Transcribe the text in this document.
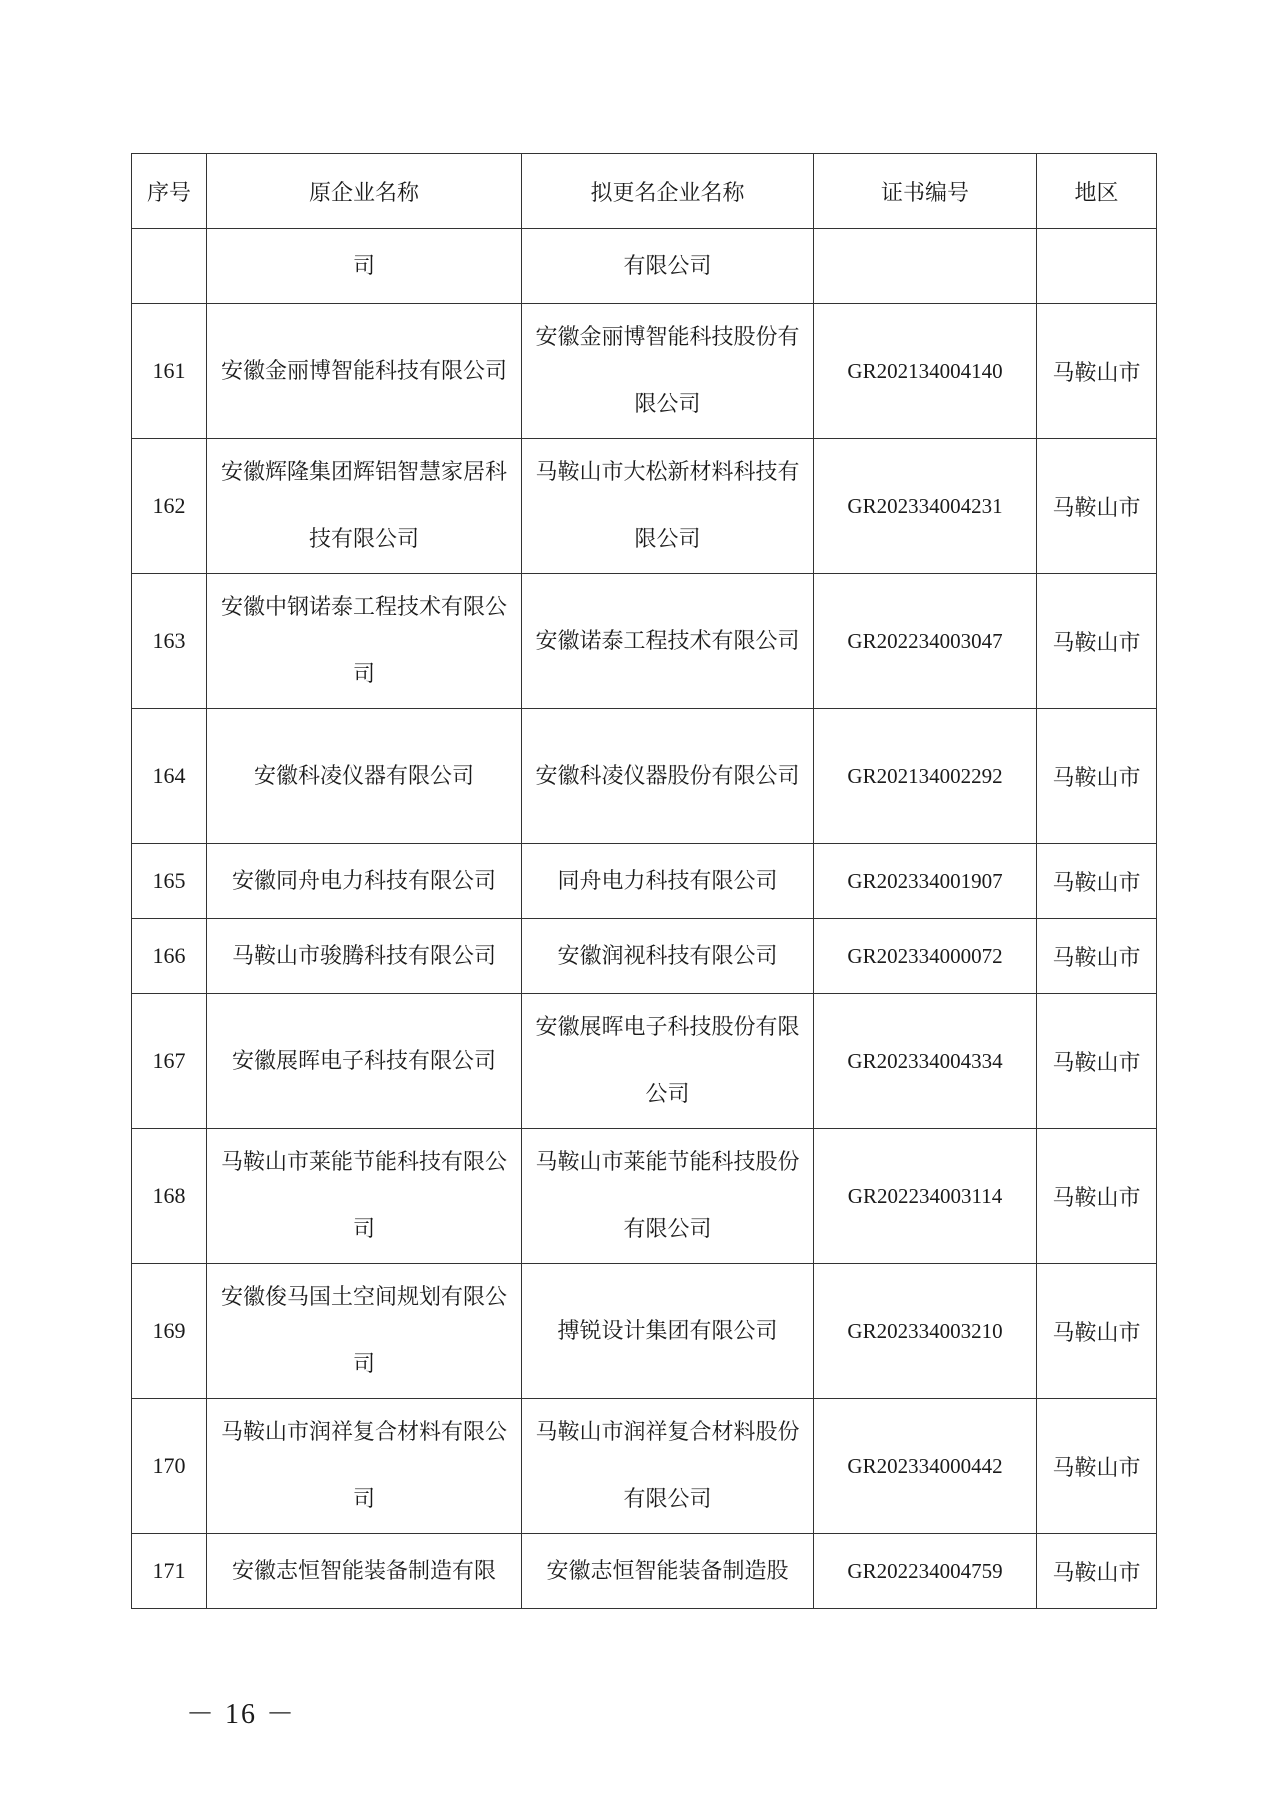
序号	原企业名称	拟更名企业名称	证书编号	地区
	司	有限公司		
161	安徽金丽博智能科技有限公司	安徽金丽博智能科技股份有限公司	GR202134004140	马鞍山市
162	安徽辉隆集团辉铝智慧家居科技有限公司	马鞍山市大松新材料科技有限公司	GR202334004231	马鞍山市
163	安徽中钢诺泰工程技术有限公司	安徽诺泰工程技术有限公司	GR202234003047	马鞍山市
164	安徽科凌仪器有限公司	安徽科凌仪器股份有限公司	GR202134002292	马鞍山市
165	安徽同舟电力科技有限公司	同舟电力科技有限公司	GR202334001907	马鞍山市
166	马鞍山市骏腾科技有限公司	安徽润视科技有限公司	GR202334000072	马鞍山市
167	安徽展晖电子科技有限公司	安徽展晖电子科技股份有限公司	GR202334004334	马鞍山市
168	马鞍山市莱能节能科技有限公司	马鞍山市莱能节能科技股份有限公司	GR202234003114	马鞍山市
169	安徽俊马国土空间规划有限公司	搏锐设计集团有限公司	GR202334003210	马鞍山市
170	马鞍山市润祥复合材料有限公司	马鞍山市润祥复合材料股份有限公司	GR202334000442	马鞍山市
171	安徽志恒智能装备制造有限	安徽志恒智能装备制造股	GR202234004759	马鞍山市
－ 16 －
